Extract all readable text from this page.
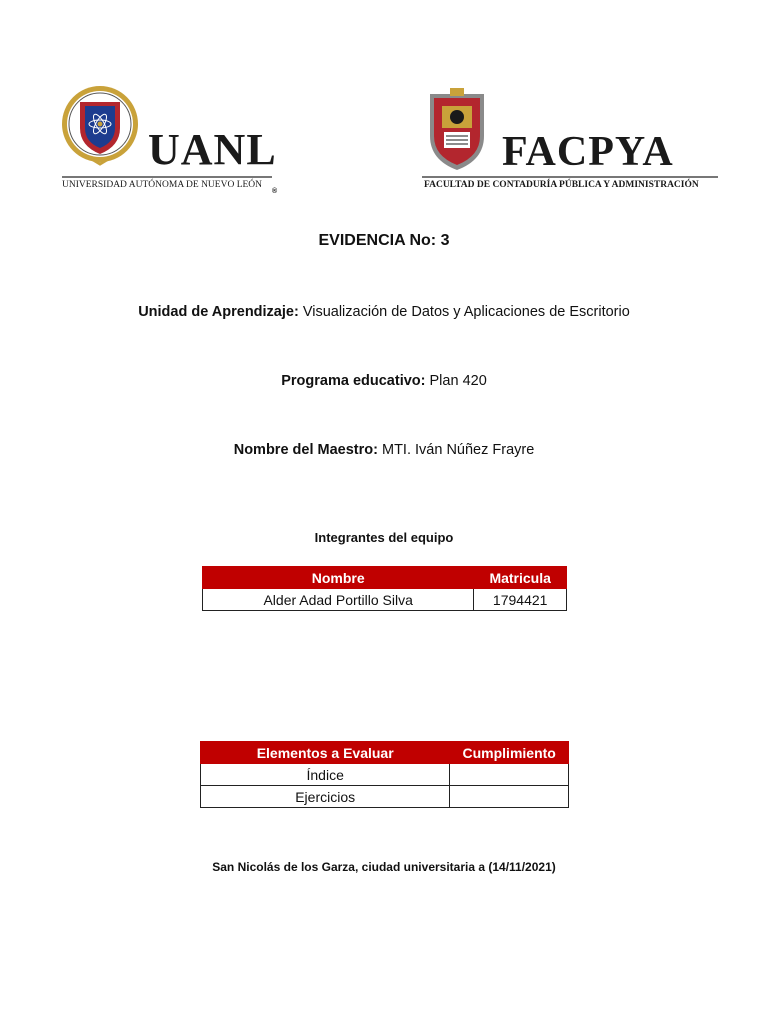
UANL
UNIVERSIDAD AUTÓNOMA DE NUEVO LEÓN
®
FACPYA
FACULTAD DE CONTADURÍA PÚBLICA Y ADMINISTRACIÓN
EVIDENCIA No: 3
Unidad de Aprendizaje: Visualización de Datos y Aplicaciones de Escritorio
Programa educativo: Plan 420
Nombre del Maestro: MTI. Iván Núñez Frayre
Integrantes del equipo
Nombre	Matricula
Alder Adad Portillo Silva	1794421
Elementos a Evaluar	Cumplimiento
Índice	
Ejercicios	
San Nicolás de los Garza, ciudad universitaria a (14/11/2021)
